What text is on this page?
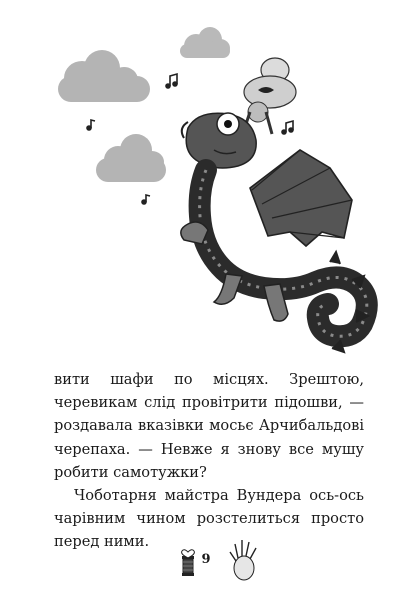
вити шафи по місцях. Зрештою, черевикам слід провітрити підошви, — роздавала вказівки мосьє Арчибальдові черепаха. — Невже я знову все мушу робити самотужки?

Чоботарня майстра Вундера ось-ось чарівним чином розстелиться просто перед ними.

9
